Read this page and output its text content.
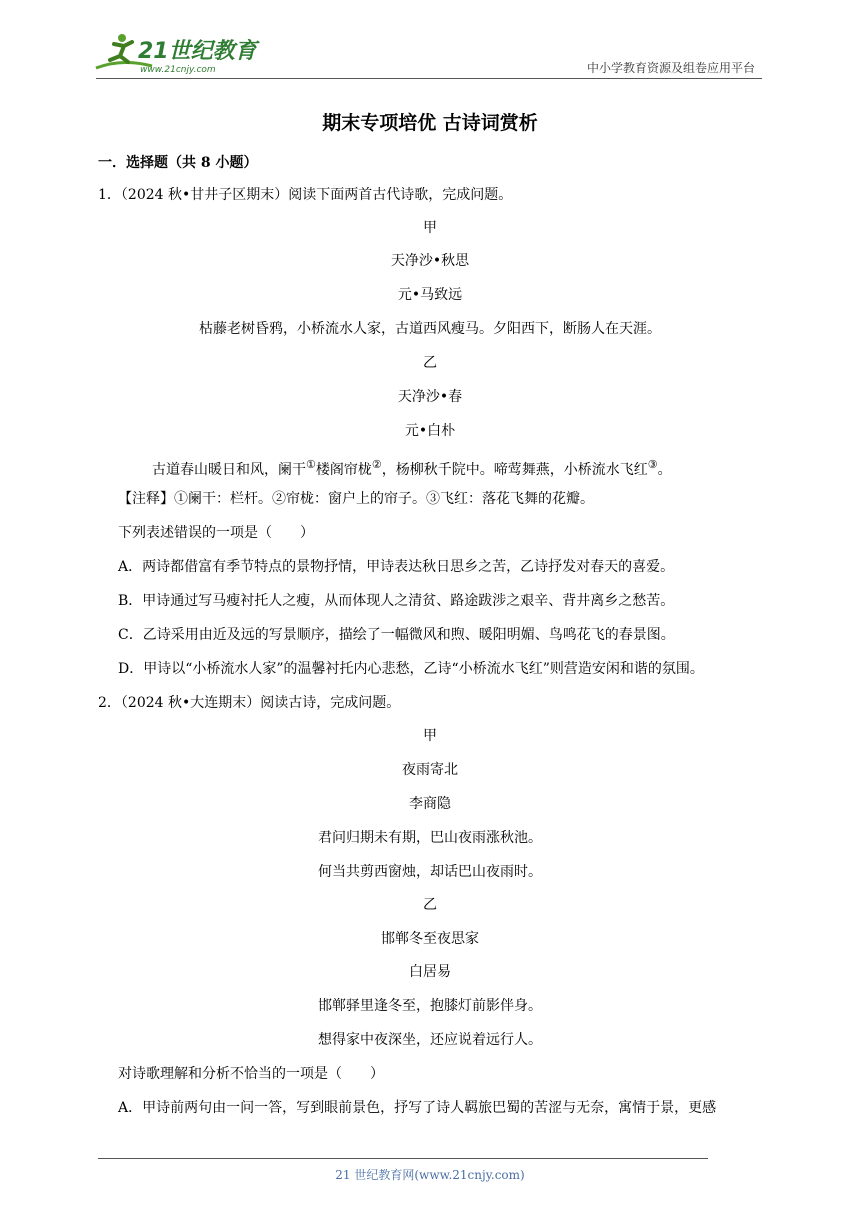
21世纪教育
www.21cnjy.com	中小学教育资源及组卷应用平台
期末专项培优 古诗词赏析
一．选择题（共 8 小题）
1．（2024 秋•甘井子区期末）阅读下面两首古代诗歌，完成问题。
甲
天净沙•秋思
元•马致远
枯藤老树昏鸦，小桥流水人家，古道西风瘦马。夕阳西下，断肠人在天涯。
乙
天净沙•春
元•白朴
古道春山暖日和风，阑干①楼阁帘栊②，杨柳秋千院中。啼莺舞燕，小桥流水飞红③。
【注释】①阑干：栏杆。②帘栊：窗户上的帘子。③飞红：落花飞舞的花瓣。
下列表述错误的一项是（　　）
A．两诗都借富有季节特点的景物抒情，甲诗表达秋日思乡之苦，乙诗抒发对春天的喜爱。
B．甲诗通过写马瘦衬托人之瘦，从而体现人之清贫、路途跋涉之艰辛、背井离乡之愁苦。
C．乙诗采用由近及远的写景顺序，描绘了一幅微风和煦、暖阳明媚、鸟鸣花飞的春景图。
D．甲诗以“小桥流水人家”的温馨衬托内心悲愁，乙诗“小桥流水飞红”则营造安闲和谐的氛围。
2．（2024 秋•大连期末）阅读古诗，完成问题。
甲
夜雨寄北
李商隐
君问归期未有期，巴山夜雨涨秋池。
何当共剪西窗烛，却话巴山夜雨时。
乙
邯郸冬至夜思家
白居易
邯郸驿里逢冬至，抱膝灯前影伴身。
想得家中夜深坐，还应说着远行人。
对诗歌理解和分析不恰当的一项是（　　）
A．甲诗前两句由一问一答，写到眼前景色，抒写了诗人羁旅巴蜀的苦涩与无奈，寓情于景，更感
21 世纪教育网(www.21cnjy.com)
